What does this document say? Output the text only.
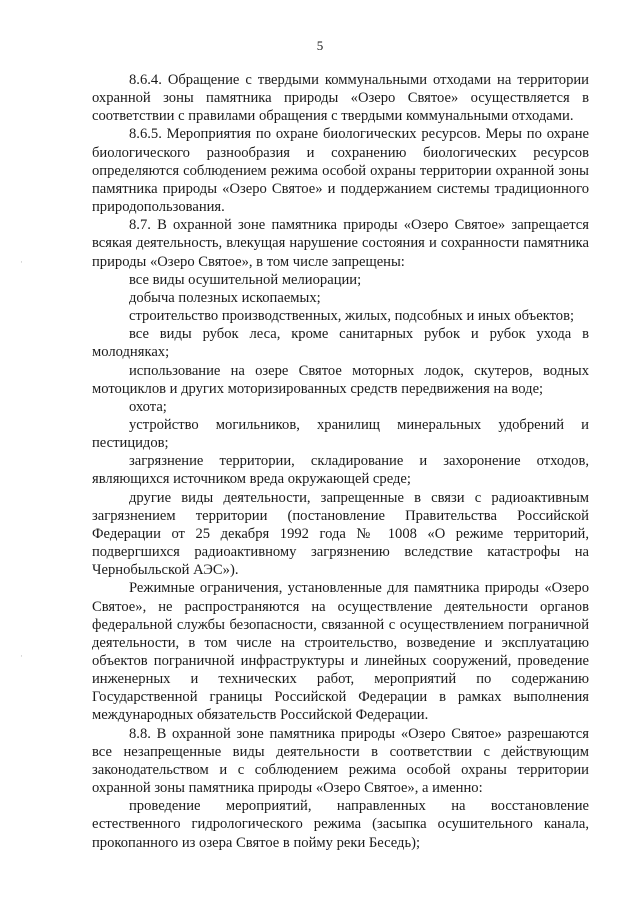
5

8.6.4. Обращение с твердыми коммунальными отходами на территории охранной зоны памятника природы «Озеро Святое» осуществляется в соответствии с правилами обращения с твердыми коммунальными отходами.

8.6.5. Мероприятия по охране биологических ресурсов. Меры по охране биологического разнообразия и сохранению биологических ресурсов определяются соблюдением режима особой охраны территории охранной зоны памятника природы «Озеро Святое» и поддержанием системы традиционного природопользования.

8.7. В охранной зоне памятника природы «Озеро Святое» запрещается всякая деятельность, влекущая нарушение состояния и сохранности памятника природы «Озеро Святое», в том числе запрещены:

все виды осушительной мелиорации;

добыча полезных ископаемых;

строительство производственных, жилых, подсобных и иных объектов;

все виды рубок леса, кроме санитарных рубок и рубок ухода в молодняках;

использование на озере Святое моторных лодок, скутеров, водных мотоциклов и других моторизированных средств передвижения на воде;

охота;

устройство могильников, хранилищ минеральных удобрений и пестицидов;

загрязнение территории, складирование и захоронение отходов, являющихся источником вреда окружающей среде;

другие виды деятельности, запрещенные в связи с радиоактивным загрязнением территории (постановление Правительства Российской Федерации от 25 декабря 1992 года № 1008 «О режиме территорий, подвергшихся радиоактивному загрязнению вследствие катастрофы на Чернобыльской АЭС»).

Режимные ограничения, установленные для памятника природы «Озеро Святое», не распространяются на осуществление деятельности органов федеральной службы безопасности, связанной с осуществлением пограничной деятельности, в том числе на строительство, возведение и эксплуатацию объектов пограничной инфраструктуры и линейных сооружений, проведение инженерных и технических работ, мероприятий по содержанию Государственной границы Российской Федерации в рамках выполнения международных обязательств Российской Федерации.

8.8. В охранной зоне памятника природы «Озеро Святое» разрешаются все незапрещенные виды деятельности в соответствии с действующим законодательством и с соблюдением режима особой охраны территории охранной зоны памятника природы «Озеро Святое», а именно:

проведение мероприятий, направленных на восстановление естественного гидрологического режима (засыпка осушительного канала, прокопанного из озера Святое в пойму реки Беседь);

·
·
